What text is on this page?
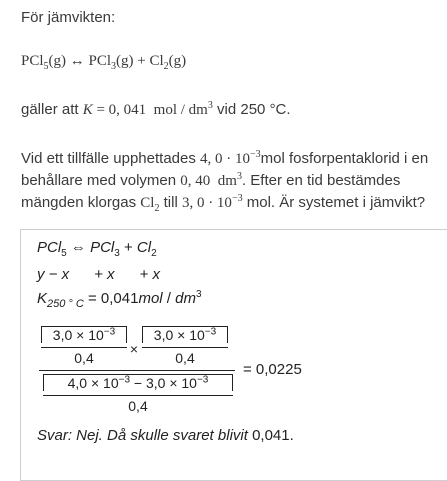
För jämvikten:

PCl$_5$(g) ↔ $PCl_3(g) + Cl_2(g)$

gäller att K = 0, 041  mol / $dm^3$ vid 250 °C.

Vid ett tillfälle upphettades 4, $0 \cdot 10^{-3}mol$ fosforpentaklorid i en behållare med volymen 0, 40  $dm^3$. Efter en tid bestämdes mängden klorgas $Cl_2$ till 3, $0 \cdot 10^{-3}$ mol. Är systemet i jämvikt?

PCl$_5$ ⇔ $PCl_3 + Cl_2$
y − x      + x      + x
$K_{250 ^\circ C} = 0,041mol / dm^3$
$3,0 \times 10^{-3}$
0,4
×
$3,0 \times 10^{-3}$
0,4
$4,0 \times 10^{-3} - 3,0 \times 10^{-3}$
0,4
= 0,0225
Svar: Nej. Då skulle svaret blivit 0,041.
